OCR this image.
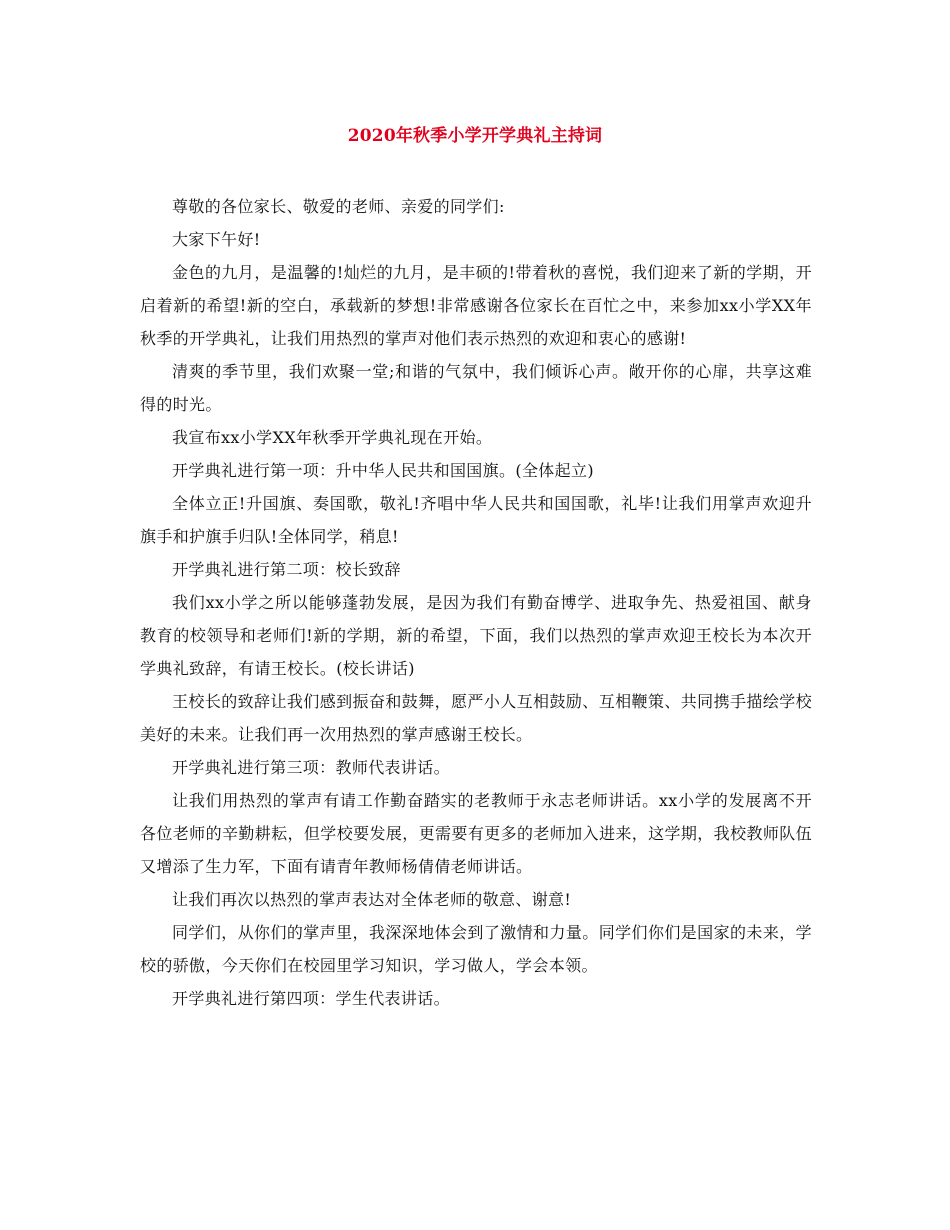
2020年秋季小学开学典礼主持词

尊敬的各位家长、敬爱的老师、亲爱的同学们:

大家下午好!

金色的九月，是温馨的!灿烂的九月，是丰硕的!带着秋的喜悦，我们迎来了新的学期，开启着新的希望!新的空白，承载新的梦想!非常感谢各位家长在百忙之中，来参加xx小学XX年秋季的开学典礼，让我们用热烈的掌声对他们表示热烈的欢迎和衷心的感谢!

清爽的季节里，我们欢聚一堂;和谐的气氛中，我们倾诉心声。敞开你的心扉，共享这难得的时光。

我宣布xx小学XX年秋季开学典礼现在开始。

开学典礼进行第一项：升中华人民共和国国旗。(全体起立)

全体立正!升国旗、奏国歌，敬礼!齐唱中华人民共和国国歌，礼毕!让我们用掌声欢迎升旗手和护旗手归队!全体同学，稍息!

开学典礼进行第二项：校长致辞

我们xx小学之所以能够蓬勃发展，是因为我们有勤奋博学、进取争先、热爱祖国、献身教育的校领导和老师们!新的学期，新的希望，下面，我们以热烈的掌声欢迎王校长为本次开学典礼致辞，有请王校长。(校长讲话)

王校长的致辞让我们感到振奋和鼓舞，愿严小人互相鼓励、互相鞭策、共同携手描绘学校美好的未来。让我们再一次用热烈的掌声感谢王校长。

开学典礼进行第三项：教师代表讲话。

让我们用热烈的掌声有请工作勤奋踏实的老教师于永志老师讲话。xx小学的发展离不开各位老师的辛勤耕耘，但学校要发展，更需要有更多的老师加入进来，这学期，我校教师队伍又增添了生力军，下面有请青年教师杨倩倩老师讲话。

让我们再次以热烈的掌声表达对全体老师的敬意、谢意!

同学们，从你们的掌声里，我深深地体会到了激情和力量。同学们你们是国家的未来，学校的骄傲，今天你们在校园里学习知识，学习做人，学会本领。

开学典礼进行第四项：学生代表讲话。
